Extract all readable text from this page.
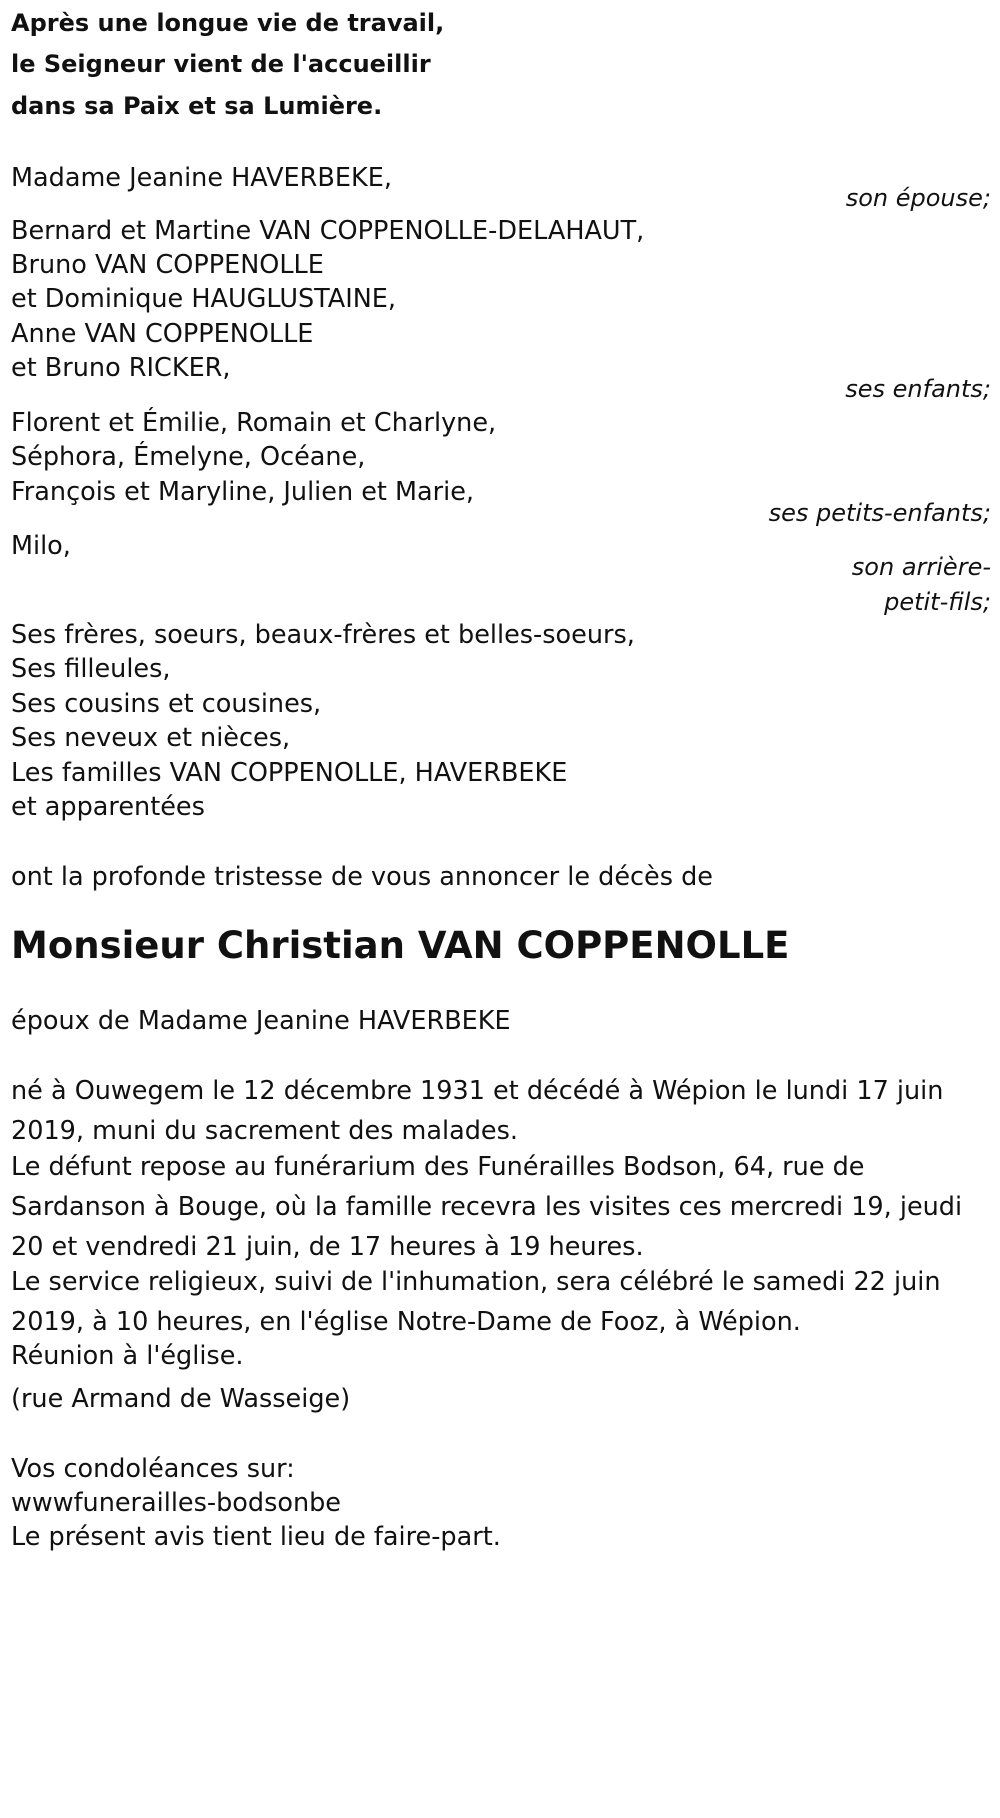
Après une longue vie de travail,
le Seigneur vient de l'accueillir
dans sa Paix et sa Lumière.
Madame Jeanine HAVERBEKE,
son épouse;
Bernard et Martine VAN COPPENOLLE-DELAHAUT,
Bruno VAN COPPENOLLE
et Dominique HAUGLUSTAINE,
Anne VAN COPPENOLLE
et Bruno RICKER,
ses enfants;
Florent et Émilie, Romain et Charlyne,
Séphora, Émelyne, Océane,
François et Maryline, Julien et Marie,
ses petits-enfants;
Milo,
son arrière-
petit-fils;
Ses frères, soeurs, beaux-frères et belles-soeurs,
Ses filleules,
Ses cousins et cousines,
Ses neveux et nièces,
Les familles VAN COPPENOLLE, HAVERBEKE
et apparentées
ont la profonde tristesse de vous annoncer le décès de
Monsieur Christian VAN COPPENOLLE
époux de Madame Jeanine HAVERBEKE
né à Ouwegem le 12 décembre 1931 et décédé à Wépion le lundi 17 juin 2019, muni du sacrement des malades.
Le défunt repose au funérarium des Funérailles Bodson, 64, rue de Sardanson à Bouge, où la famille recevra les visites ces mercredi 19, jeudi 20 et vendredi 21 juin, de 17 heures à 19 heures.
Le service religieux, suivi de l'inhumation, sera célébré le samedi 22 juin 2019, à 10 heures, en l'église Notre-Dame de Fooz, à Wépion.
Réunion à l'église.
(rue Armand de Wasseige)
Vos condoléances sur:
wwwfunerailles-bodsonbe
Le présent avis tient lieu de faire-part.
